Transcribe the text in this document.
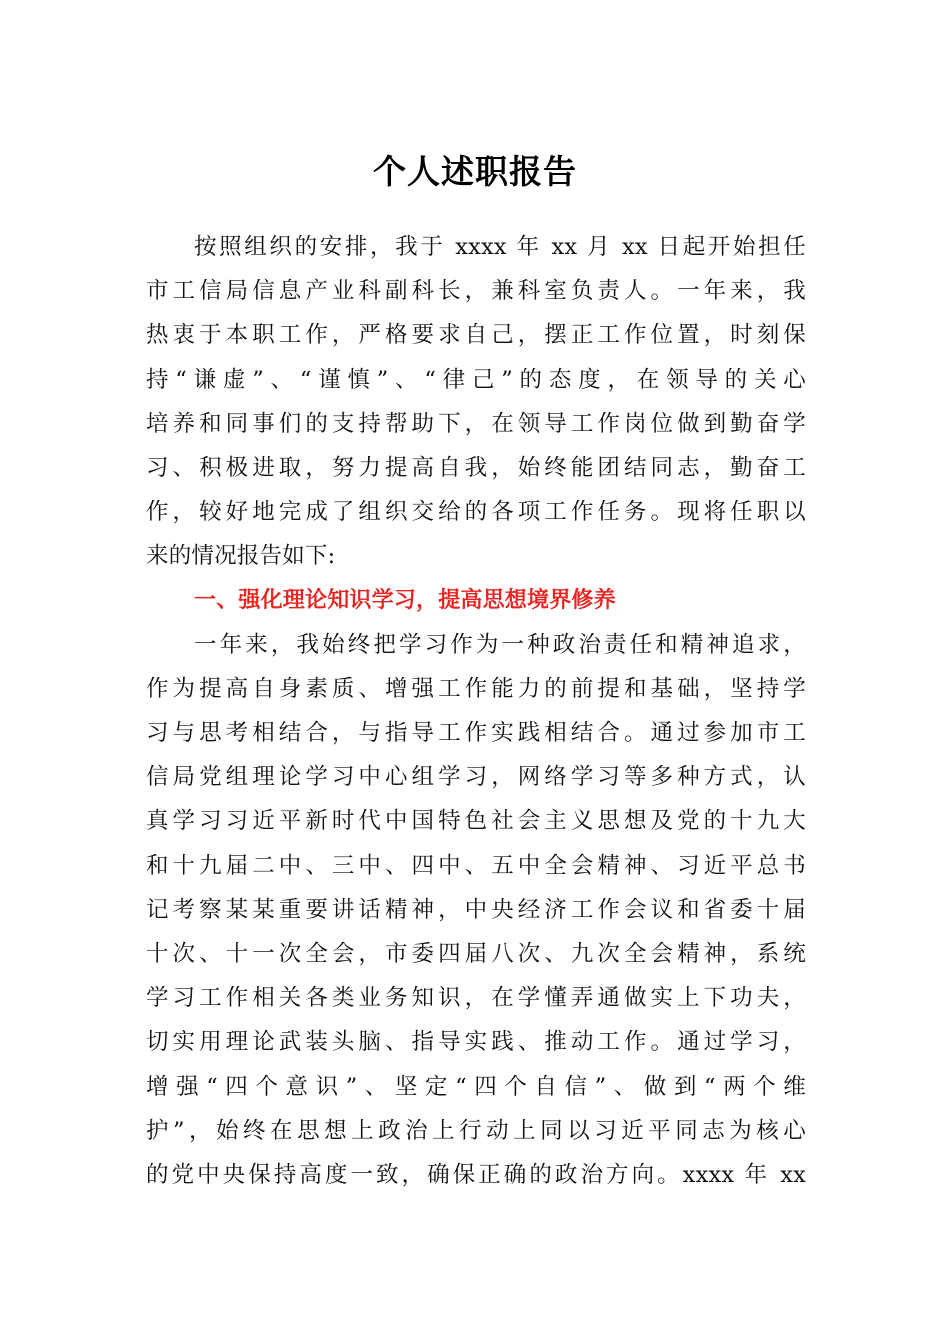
个人述职报告
按照组织的安排，我于 xxxx 年 xx 月 xx 日起开始担任
市工信局信息产业科副科长，兼科室负责人。一年来，我
热衷于本职工作，严格要求自己，摆正工作位置，时刻保
持“谦虚”、“谨慎”、“律己”的态度，在领导的关心
培养和同事们的支持帮助下，在领导工作岗位做到勤奋学
习、积极进取，努力提高自我，始终能团结同志，勤奋工
作，较好地完成了组织交给的各项工作任务。现将任职以
来的情况报告如下:
一、强化理论知识学习，提高思想境界修养
一年来，我始终把学习作为一种政治责任和精神追求，
作为提高自身素质、增强工作能力的前提和基础，坚持学
习与思考相结合，与指导工作实践相结合。通过参加市工
信局党组理论学习中心组学习，网络学习等多种方式，认
真学习习近平新时代中国特色社会主义思想及党的十九大
和十九届二中、三中、四中、五中全会精神、习近平总书
记考察某某重要讲话精神，中央经济工作会议和省委十届
十次、十一次全会，市委四届八次、九次全会精神，系统
学习工作相关各类业务知识，在学懂弄通做实上下功夫，
切实用理论武装头脑、指导实践、推动工作。通过学习，
增强“四个意识”、坚定“四个自信”、做到“两个维
护”，始终在思想上政治上行动上同以习近平同志为核心
的党中央保持高度一致，确保正确的政治方向。xxxx 年 xx
